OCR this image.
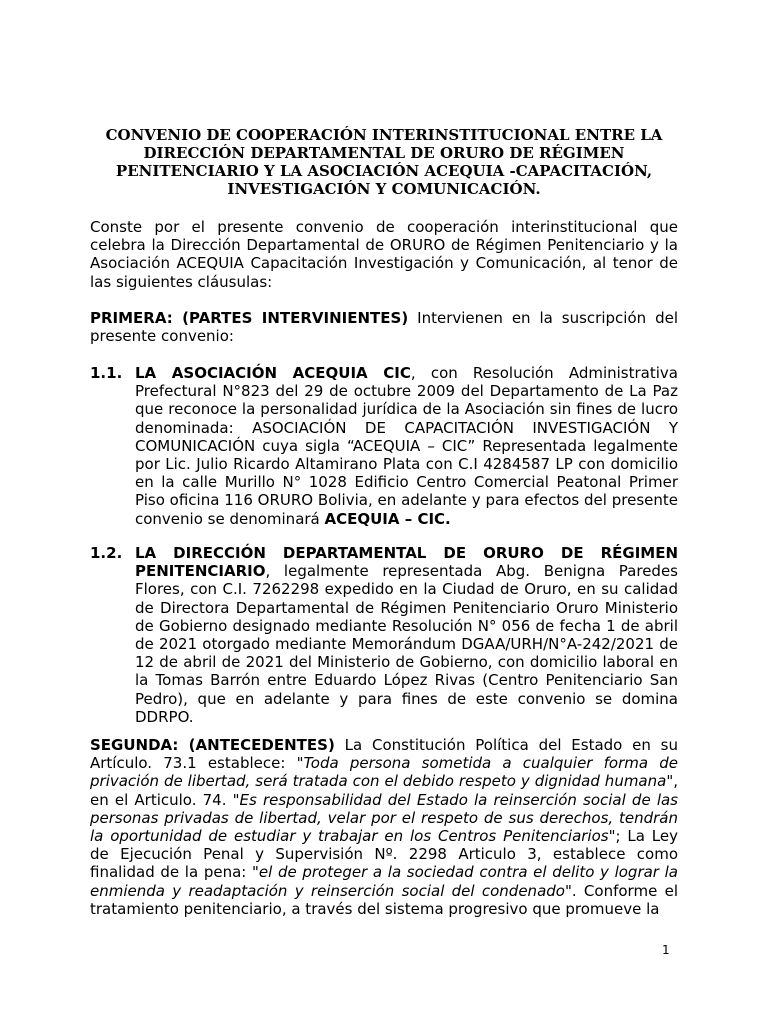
CONVENIO DE COOPERACIÓN INTERINSTITUCIONAL ENTRE LA DIRECCIÓN DEPARTAMENTAL DE ORURO DE RÉGIMEN PENITENCIARIO Y LA ASOCIACIÓN ACEQUIA -CAPACITACIÓN, INVESTIGACIÓN Y COMUNICACIÓN.

Conste por el presente convenio de cooperación interinstitucional que celebra la Dirección Departamental de ORURO de Régimen Penitenciario y la Asociación ACEQUIA Capacitación Investigación y Comunicación, al tenor de las siguientes cláusulas:

PRIMERA: (PARTES INTERVINIENTES) Intervienen en la suscripción del presente convenio:

1.1. LA ASOCIACIÓN ACEQUIA CIC, con Resolución Administrativa Prefectural N°823 del 29 de octubre 2009 del Departamento de La Paz que reconoce la personalidad jurídica de la Asociación sin fines de lucro denominada: ASOCIACIÓN DE CAPACITACIÓN INVESTIGACIÓN Y COMUNICACIÓN cuya sigla “ACEQUIA – CIC” Representada legalmente por Lic. Julio Ricardo Altamirano Plata con C.I 4284587 LP con domicilio en la calle Murillo N° 1028 Edificio Centro Comercial Peatonal Primer Piso oficina 116 ORURO Bolivia, en adelante y para efectos del presente convenio se denominará ACEQUIA – CIC.
1.2. LA DIRECCIÓN DEPARTAMENTAL DE ORURO DE RÉGIMEN PENITENCIARIO, legalmente representada Abg. Benigna Paredes Flores, con C.I. 7262298 expedido en la Ciudad de Oruro, en su calidad de Directora Departamental de Régimen Penitenciario Oruro Ministerio de Gobierno designado mediante Resolución N° 056 de fecha 1 de abril de 2021 otorgado mediante Memorándum DGAA/URH/N°A-242/2021 de 12 de abril de 2021 del Ministerio de Gobierno, con domicilio laboral en la Tomas Barrón entre Eduardo López Rivas (Centro Penitenciario San Pedro), que en adelante y para fines de este convenio se domina DDRPO.

SEGUNDA: (ANTECEDENTES) La Constitución Política del Estado en su Artículo. 73.1 establece: "Toda persona sometida a cualquier forma de privación de libertad, será tratada con el debido respeto y dignidad humana", en el Articulo. 74. "Es responsabilidad del Estado la reinserción social de las personas privadas de libertad, velar por el respeto de sus derechos, tendrán la oportunidad de estudiar y trabajar en los Centros Penitenciarios"; La Ley de Ejecución Penal y Supervisión Nº. 2298 Articulo 3, establece como finalidad de la pena: "el de proteger a la sociedad contra el delito y lograr la enmienda y readaptación y reinserción social del condenado". Conforme el tratamiento penitenciario, a través del sistema progresivo que promueve la

1
